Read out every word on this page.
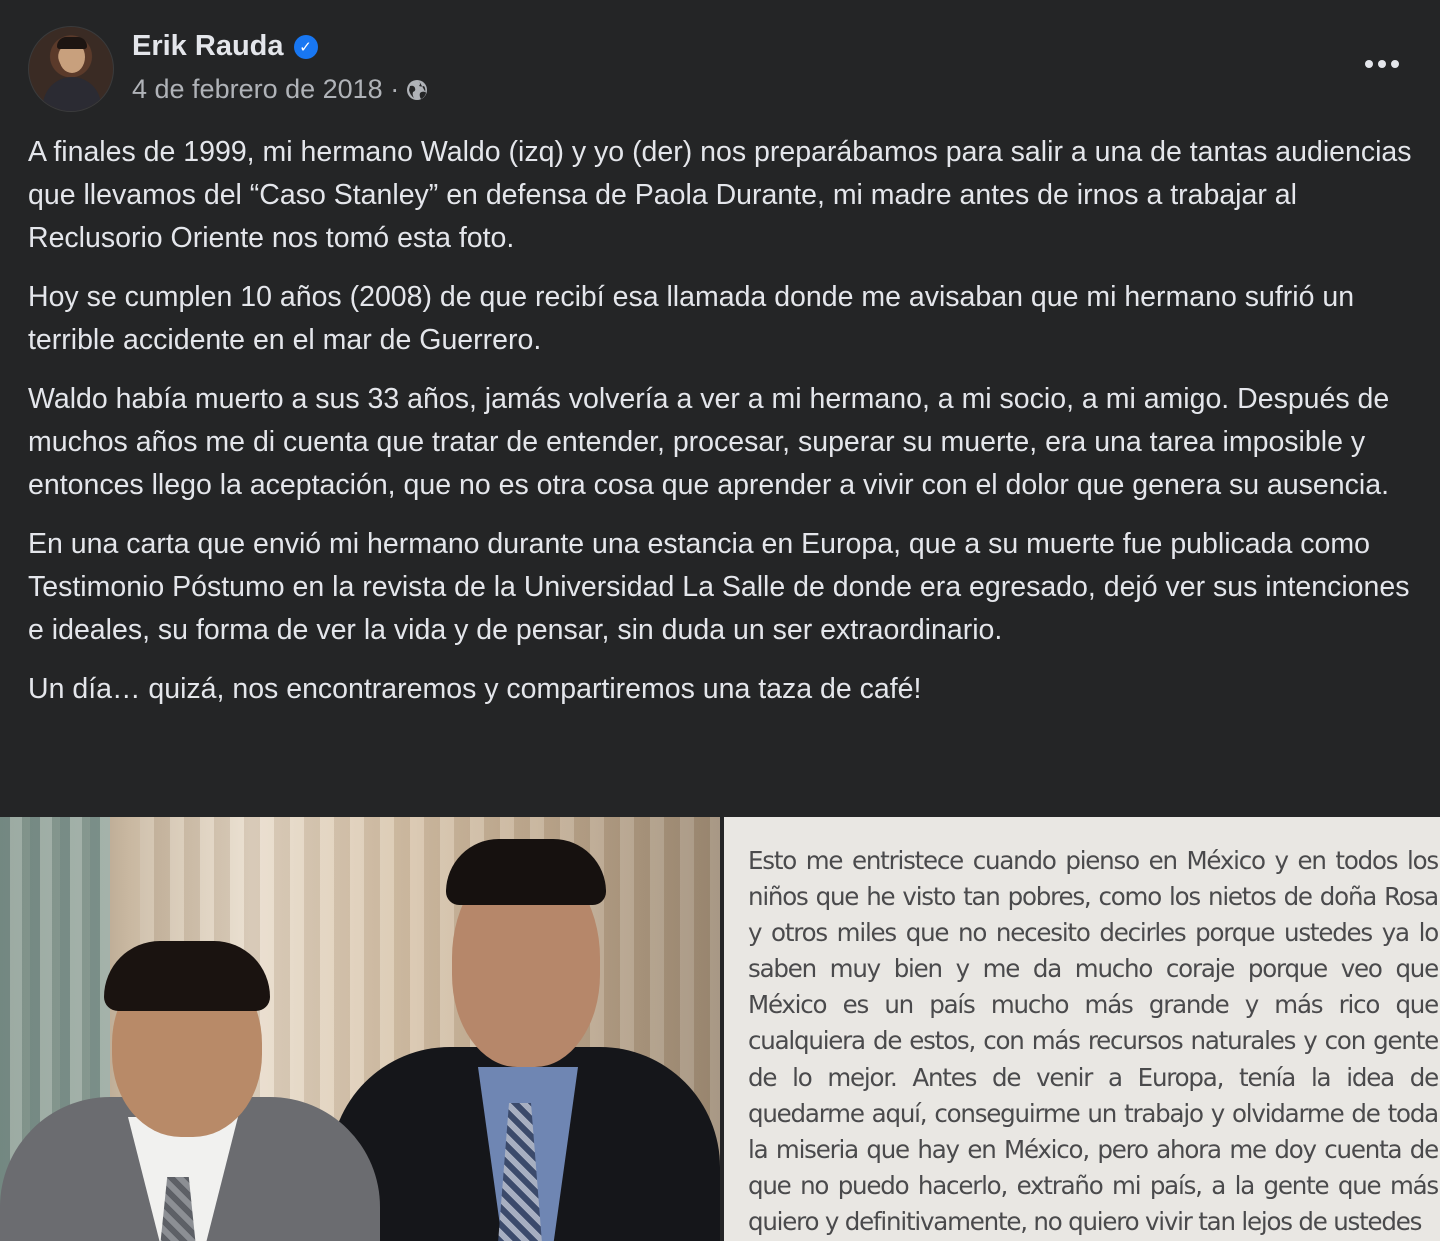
Erik Rauda	✓
4 de febrero de 2018 ·

A finales de 1999, mi hermano Waldo (izq) y yo (der) nos preparábamos para salir a una de tantas audiencias que llevamos del “Caso Stanley” en defensa de Paola Durante, mi madre antes de irnos a trabajar al Reclusorio Oriente nos tomó esta foto.

Hoy se cumplen 10 años (2008) de que recibí esa llamada donde me avisaban que mi hermano sufrió un terrible accidente en el mar de Guerrero.

Waldo había muerto a sus 33 años, jamás volvería a ver a mi hermano, a mi socio, a mi amigo. Después de muchos años me di cuenta que tratar de entender, procesar, superar su muerte, era una tarea imposible y entonces llego la aceptación, que no es otra cosa que aprender a vivir con el dolor que genera su ausencia.

En una carta que envió mi hermano durante una estancia en Europa, que a su muerte fue publicada como Testimonio Póstumo en la revista de la Universidad La Salle de donde era egresado, dejó ver sus intenciones e ideales, su forma de ver la vida y de pensar, sin duda un ser extraordinario.

Un día… quizá, nos encontraremos y compartiremos una taza de café!

Esto me entristece cuando pienso en México y en todos los niños que he visto tan pobres, como los nietos de doña Rosa y otros miles que no necesito decirles porque ustedes ya lo saben muy bien y me da mucho coraje porque veo que México es un país mucho más grande y más rico que cualquiera de estos, con más recursos naturales y con gente de lo mejor. Antes de venir a Europa, tenía la idea de quedarme aquí, conseguirme un trabajo y olvidarme de toda la miseria que hay en México, pero ahora me doy cuenta de que no puedo hacerlo, extraño mi país, a la gente que más quiero y definitivamente, no quiero vivir tan lejos de ustedes
